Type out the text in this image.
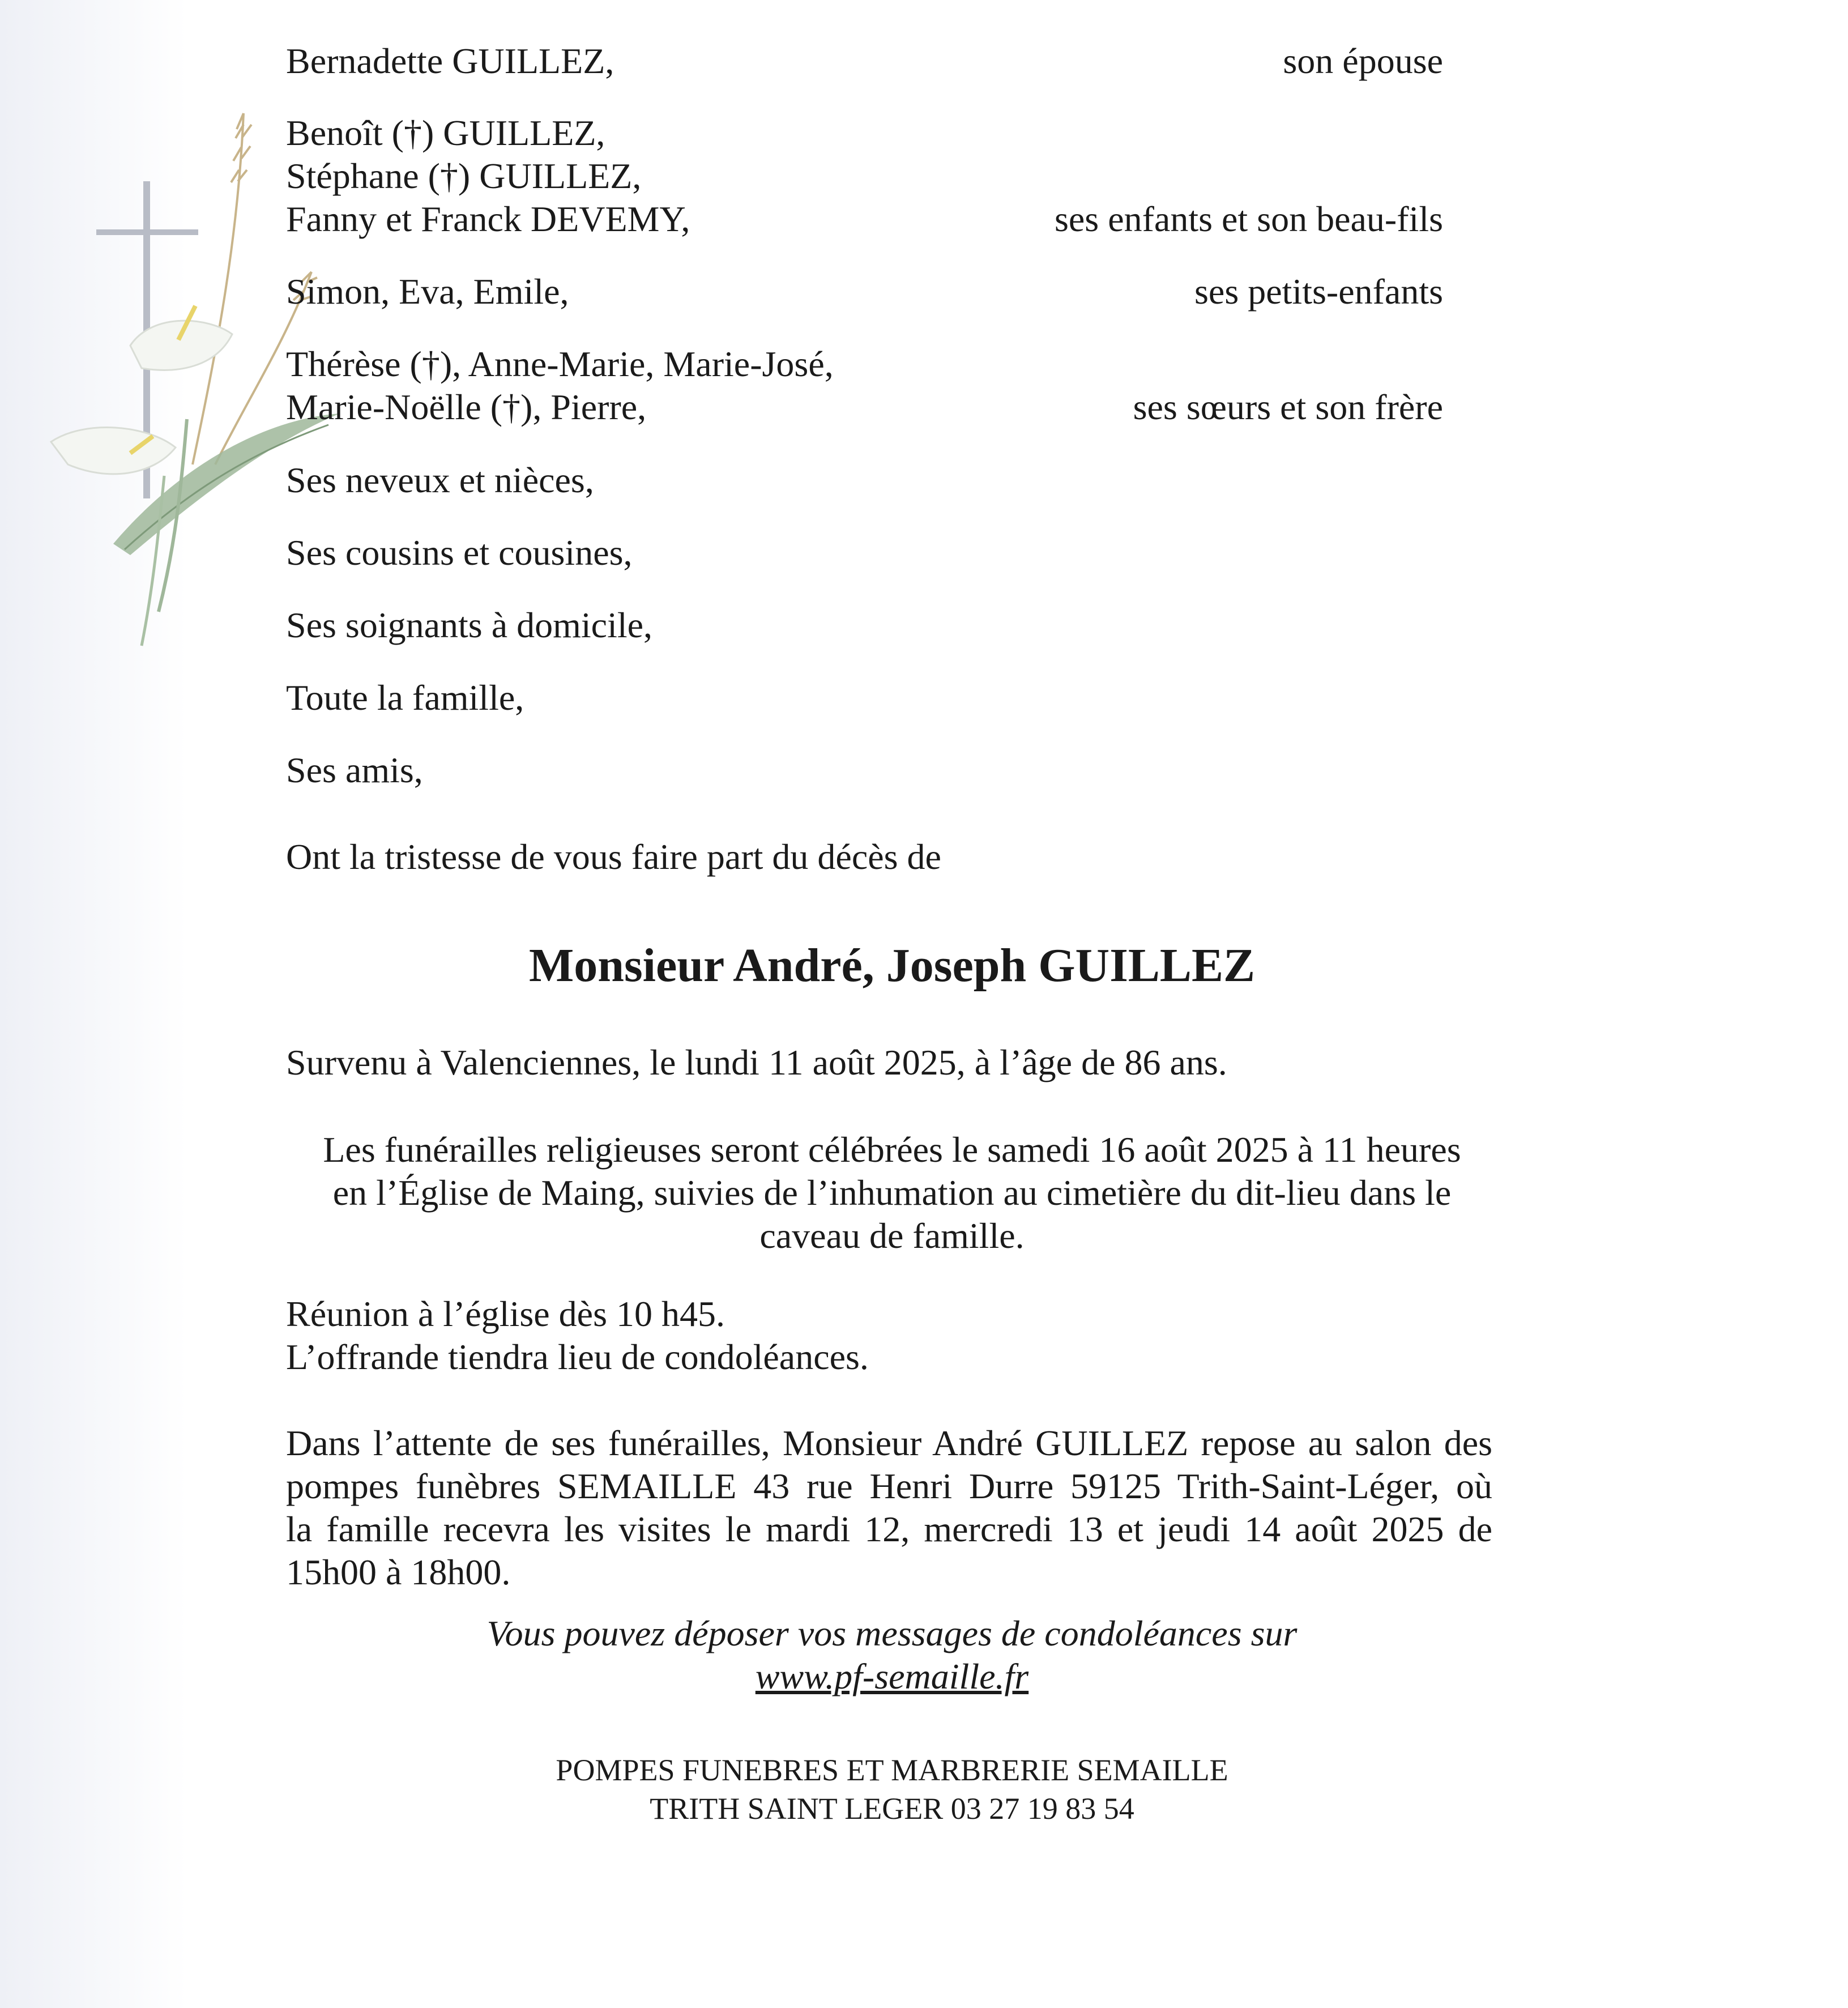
Bernadette GUILLEZ,	son épouse
Benoît (†) GUILLEZ,
Stéphane (†) GUILLEZ,
Fanny et Franck DEVEMY,	ses enfants et son beau-fils
Simon, Eva, Emile,	ses petits-enfants
Thérèse (†), Anne-Marie, Marie-José,
Marie-Noëlle (†), Pierre,	ses sœurs et son frère
Ses neveux et nièces,
Ses cousins et cousines,
Ses soignants à domicile,
Toute la famille,
Ses amis,
Ont la tristesse de vous faire part du décès de
Monsieur André, Joseph GUILLEZ
Survenu à Valenciennes, le lundi 11 août 2025, à l’âge de 86 ans.
Les funérailles religieuses seront célébrées le samedi 16 août 2025 à 11 heures
en l’Église de Maing, suivies de l’inhumation au cimetière du dit-lieu dans le
caveau de famille.
Réunion à l’église dès 10 h45.
L’offrande tiendra lieu de condoléances.
Dans l’attente de ses funérailles, Monsieur André GUILLEZ repose au salon des
pompes funèbres SEMAILLE 43 rue Henri Durre 59125 Trith-Saint-Léger, où
la famille recevra les visites le mardi 12, mercredi 13 et jeudi 14 août 2025 de
15h00 à 18h00.
Vous pouvez déposer vos messages de condoléances sur
www.pf-semaille.fr
POMPES FUNEBRES ET MARBRERIE SEMAILLE
TRITH SAINT LEGER 03 27 19 83 54
